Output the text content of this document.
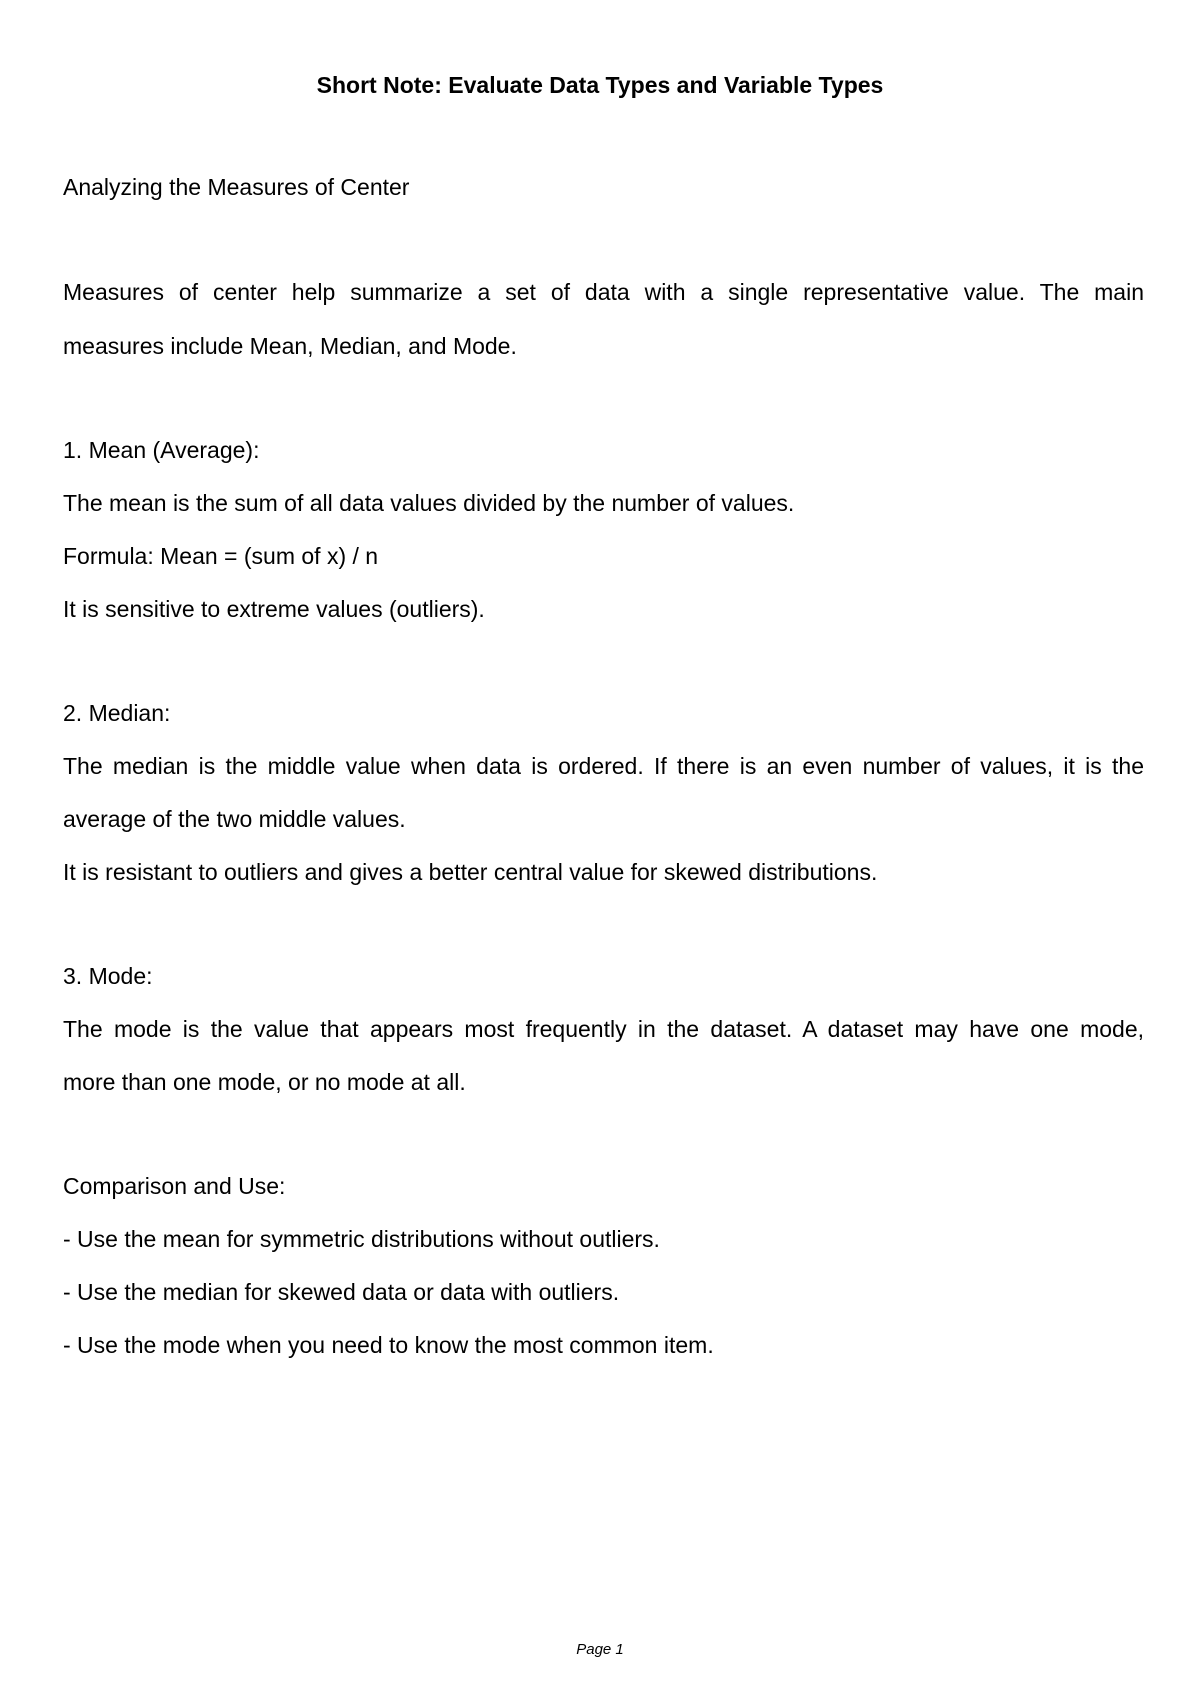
Short Note: Evaluate Data Types and Variable Types

Analyzing the Measures of Center

Measures of center help summarize a set of data with a single representative value. The main

measures include Mean, Median, and Mode.

1. Mean (Average):

The mean is the sum of all data values divided by the number of values.

Formula: Mean = (sum of x) / n

It is sensitive to extreme values (outliers).

2. Median:

The median is the middle value when data is ordered. If there is an even number of values, it is the

average of the two middle values.

It is resistant to outliers and gives a better central value for skewed distributions.

3. Mode:

The mode is the value that appears most frequently in the dataset. A dataset may have one mode,

more than one mode, or no mode at all.

Comparison and Use:

- Use the mean for symmetric distributions without outliers.

- Use the median for skewed data or data with outliers.

- Use the mode when you need to know the most common item.

Page 1
